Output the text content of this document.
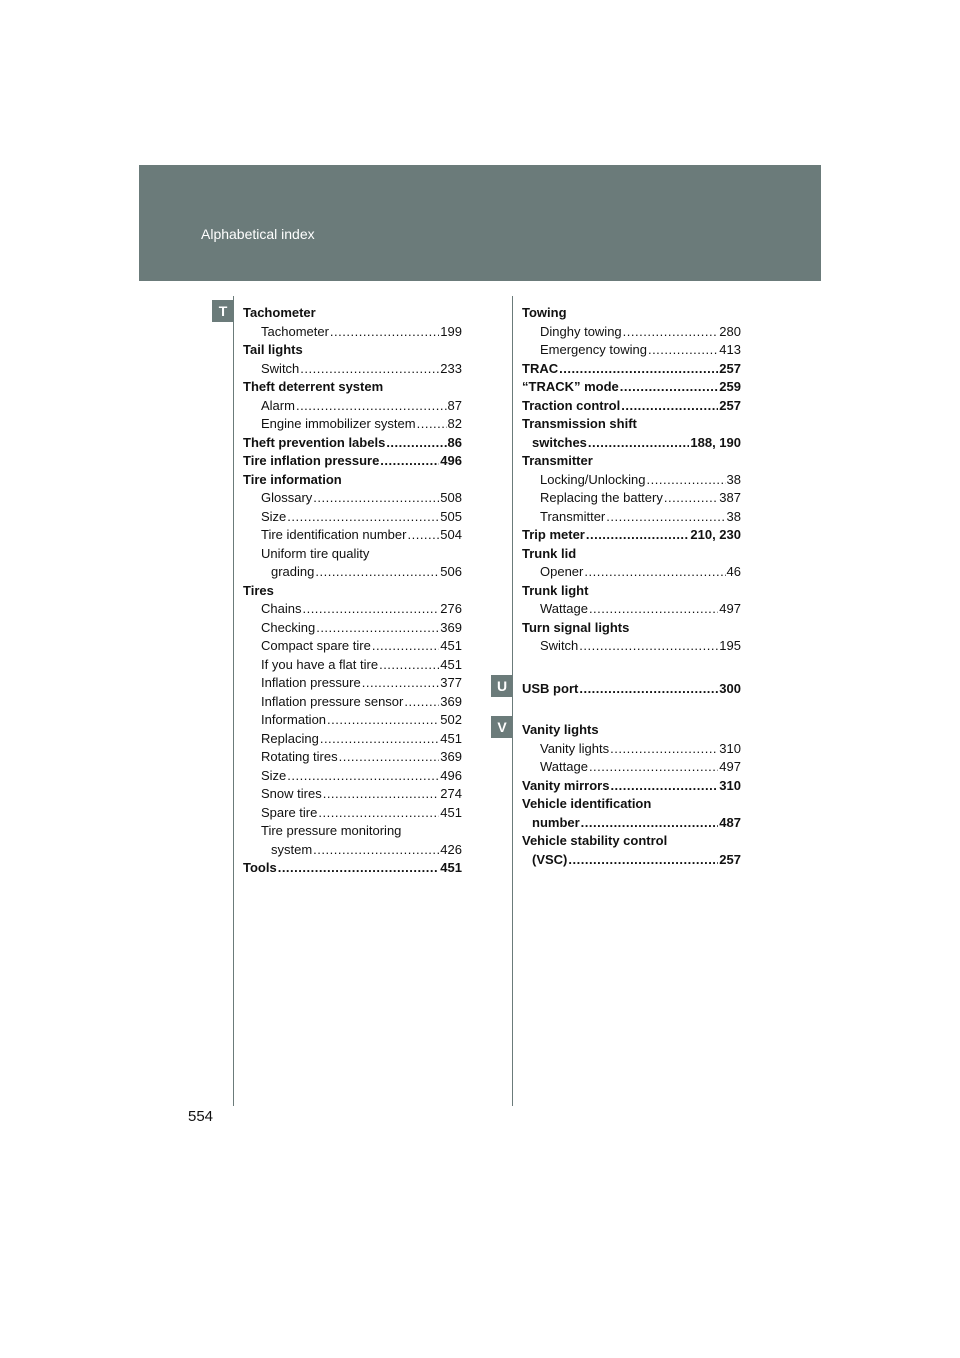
Alphabetical index
T
U
V
Tachometer
Tachometer .....	199
Tail lights
Switch .....	233
Theft deterrent system
Alarm .....	87
Engine immobilizer system ..... 82
Theft prevention labels .....	86
Tire inflation pressure .....	496
Tire information
Glossary .....	508
Size .....	505
Tire identification number .....	504
Uniform tire quality
grading .....	506
Tires
Chains .....	276
Checking .....	369
Compact spare tire .....	451
If you have a flat tire .....	451
Inflation pressure .....	377
Inflation pressure sensor .....	369
Information .....	502
Replacing .....	451
Rotating tires .....	369
Size .....	496
Snow tires .....	274
Spare tire .....	451
Tire pressure monitoring
system .....	426
Tools .....	451
Towing
Dinghy towing .....	280
Emergency towing .....	413
TRAC .....	257
“TRACK” mode .....	259
Traction control .....	257
Transmission shift
switches .....	188, 190
Transmitter
Locking/Unlocking .....	38
Replacing the battery .....	387
Transmitter .....	38
Trip meter .....	210, 230
Trunk lid
Opener .....	46
Trunk light
Wattage .....	497
Turn signal lights
Switch .....	195
USB port .....	300
Vanity lights
Vanity lights .....	310
Wattage .....	497
Vanity mirrors .....	310
Vehicle identification
number .....	487
Vehicle stability control
(VSC) .....	257
554
